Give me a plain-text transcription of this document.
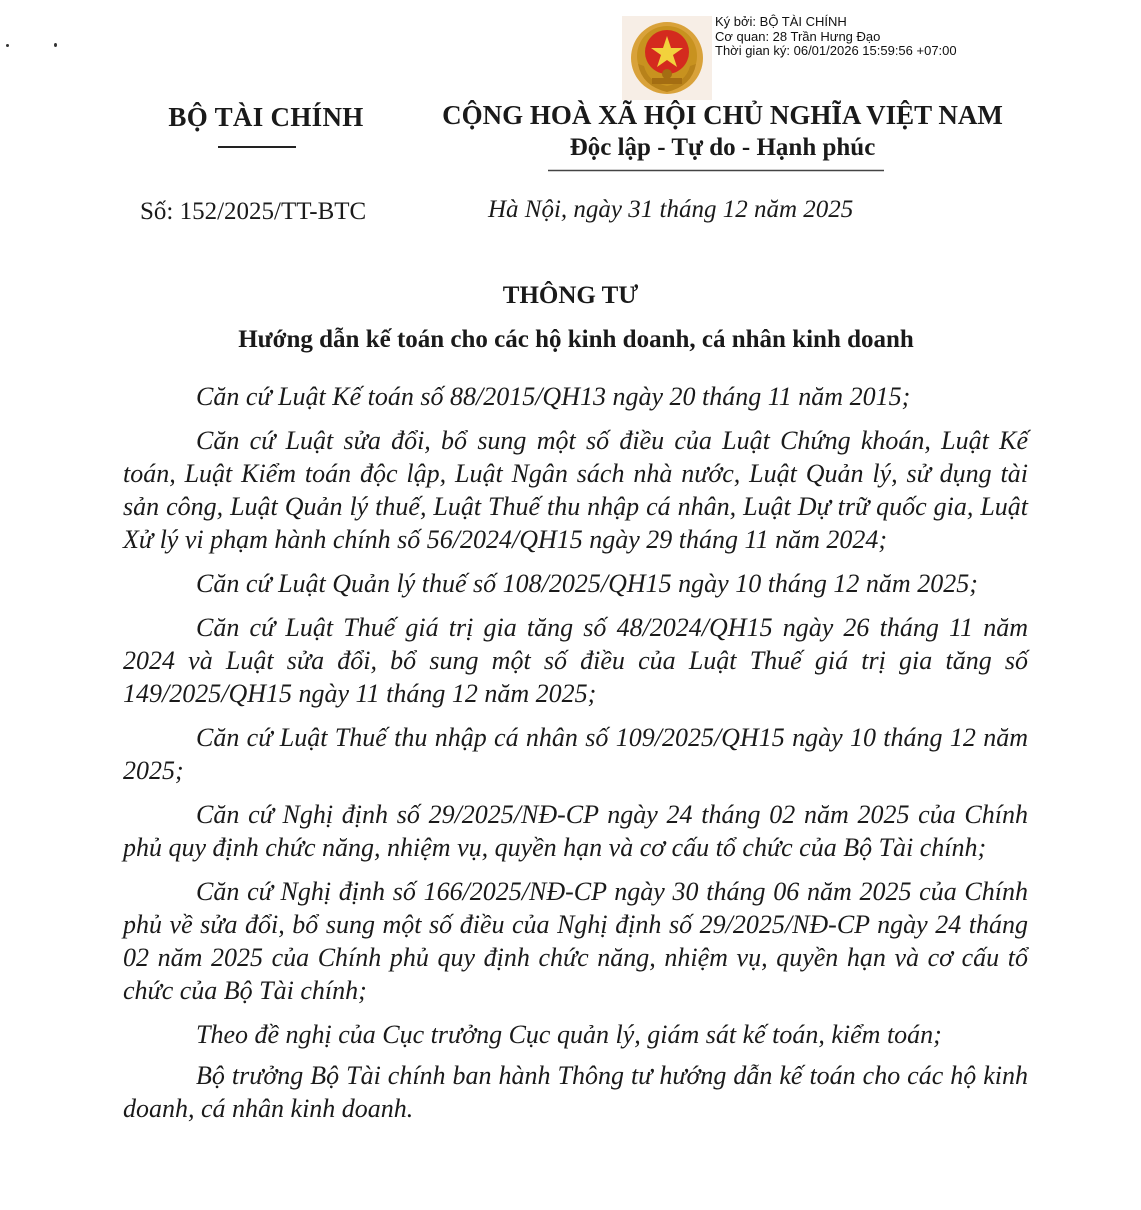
Ký bởi: BỘ TÀI CHÍNH
Cơ quan: 28 Trần Hưng Đạo
Thời gian ký: 06/01/2026 15:59:56 +07:00
BỘ TÀI CHÍNH	CỘNG HOÀ XÃ HỘI CHỦ NGHĨA VIỆT NAM
Độc lập - Tự do - Hạnh phúc
Số: 152/2025/TT-BTC	Hà Nội, ngày 31 tháng 12 năm 2025
THÔNG TƯ
Hướng dẫn kế toán cho các hộ kinh doanh, cá nhân kinh doanh

Căn cứ Luật Kế toán số 88/2015/QH13 ngày 20 tháng 11 năm 2015;

Căn cứ Luật sửa đổi, bổ sung một số điều của Luật Chứng khoán, Luật Kế toán, Luật Kiểm toán độc lập, Luật Ngân sách nhà nước, Luật Quản lý, sử dụng tài sản công, Luật Quản lý thuế, Luật Thuế thu nhập cá nhân, Luật Dự trữ quốc gia, Luật Xử lý vi phạm hành chính số 56/2024/QH15 ngày 29 tháng 11 năm 2024;

Căn cứ Luật Quản lý thuế số 108/2025/QH15 ngày 10 tháng 12 năm 2025;

Căn cứ Luật Thuế giá trị gia tăng số 48/2024/QH15 ngày 26 tháng 11 năm 2024 và Luật sửa đổi, bổ sung một số điều của Luật Thuế giá trị gia tăng số 149/2025/QH15 ngày 11 tháng 12 năm 2025;

Căn cứ Luật Thuế thu nhập cá nhân số 109/2025/QH15 ngày 10 tháng 12 năm 2025;

Căn cứ Nghị định số 29/2025/NĐ-CP ngày 24 tháng 02 năm 2025 của Chính phủ quy định chức năng, nhiệm vụ, quyền hạn và cơ cấu tổ chức của Bộ Tài chính;

Căn cứ Nghị định số 166/2025/NĐ-CP ngày 30 tháng 06 năm 2025 của Chính phủ về sửa đổi, bổ sung một số điều của Nghị định số 29/2025/NĐ-CP ngày 24 tháng 02 năm 2025 của Chính phủ quy định chức năng, nhiệm vụ, quyền hạn và cơ cấu tổ chức của Bộ Tài chính;

Theo đề nghị của Cục trưởng Cục quản lý, giám sát kế toán, kiểm toán;

Bộ trưởng Bộ Tài chính ban hành Thông tư hướng dẫn kế toán cho các hộ kinh doanh, cá nhân kinh doanh.
